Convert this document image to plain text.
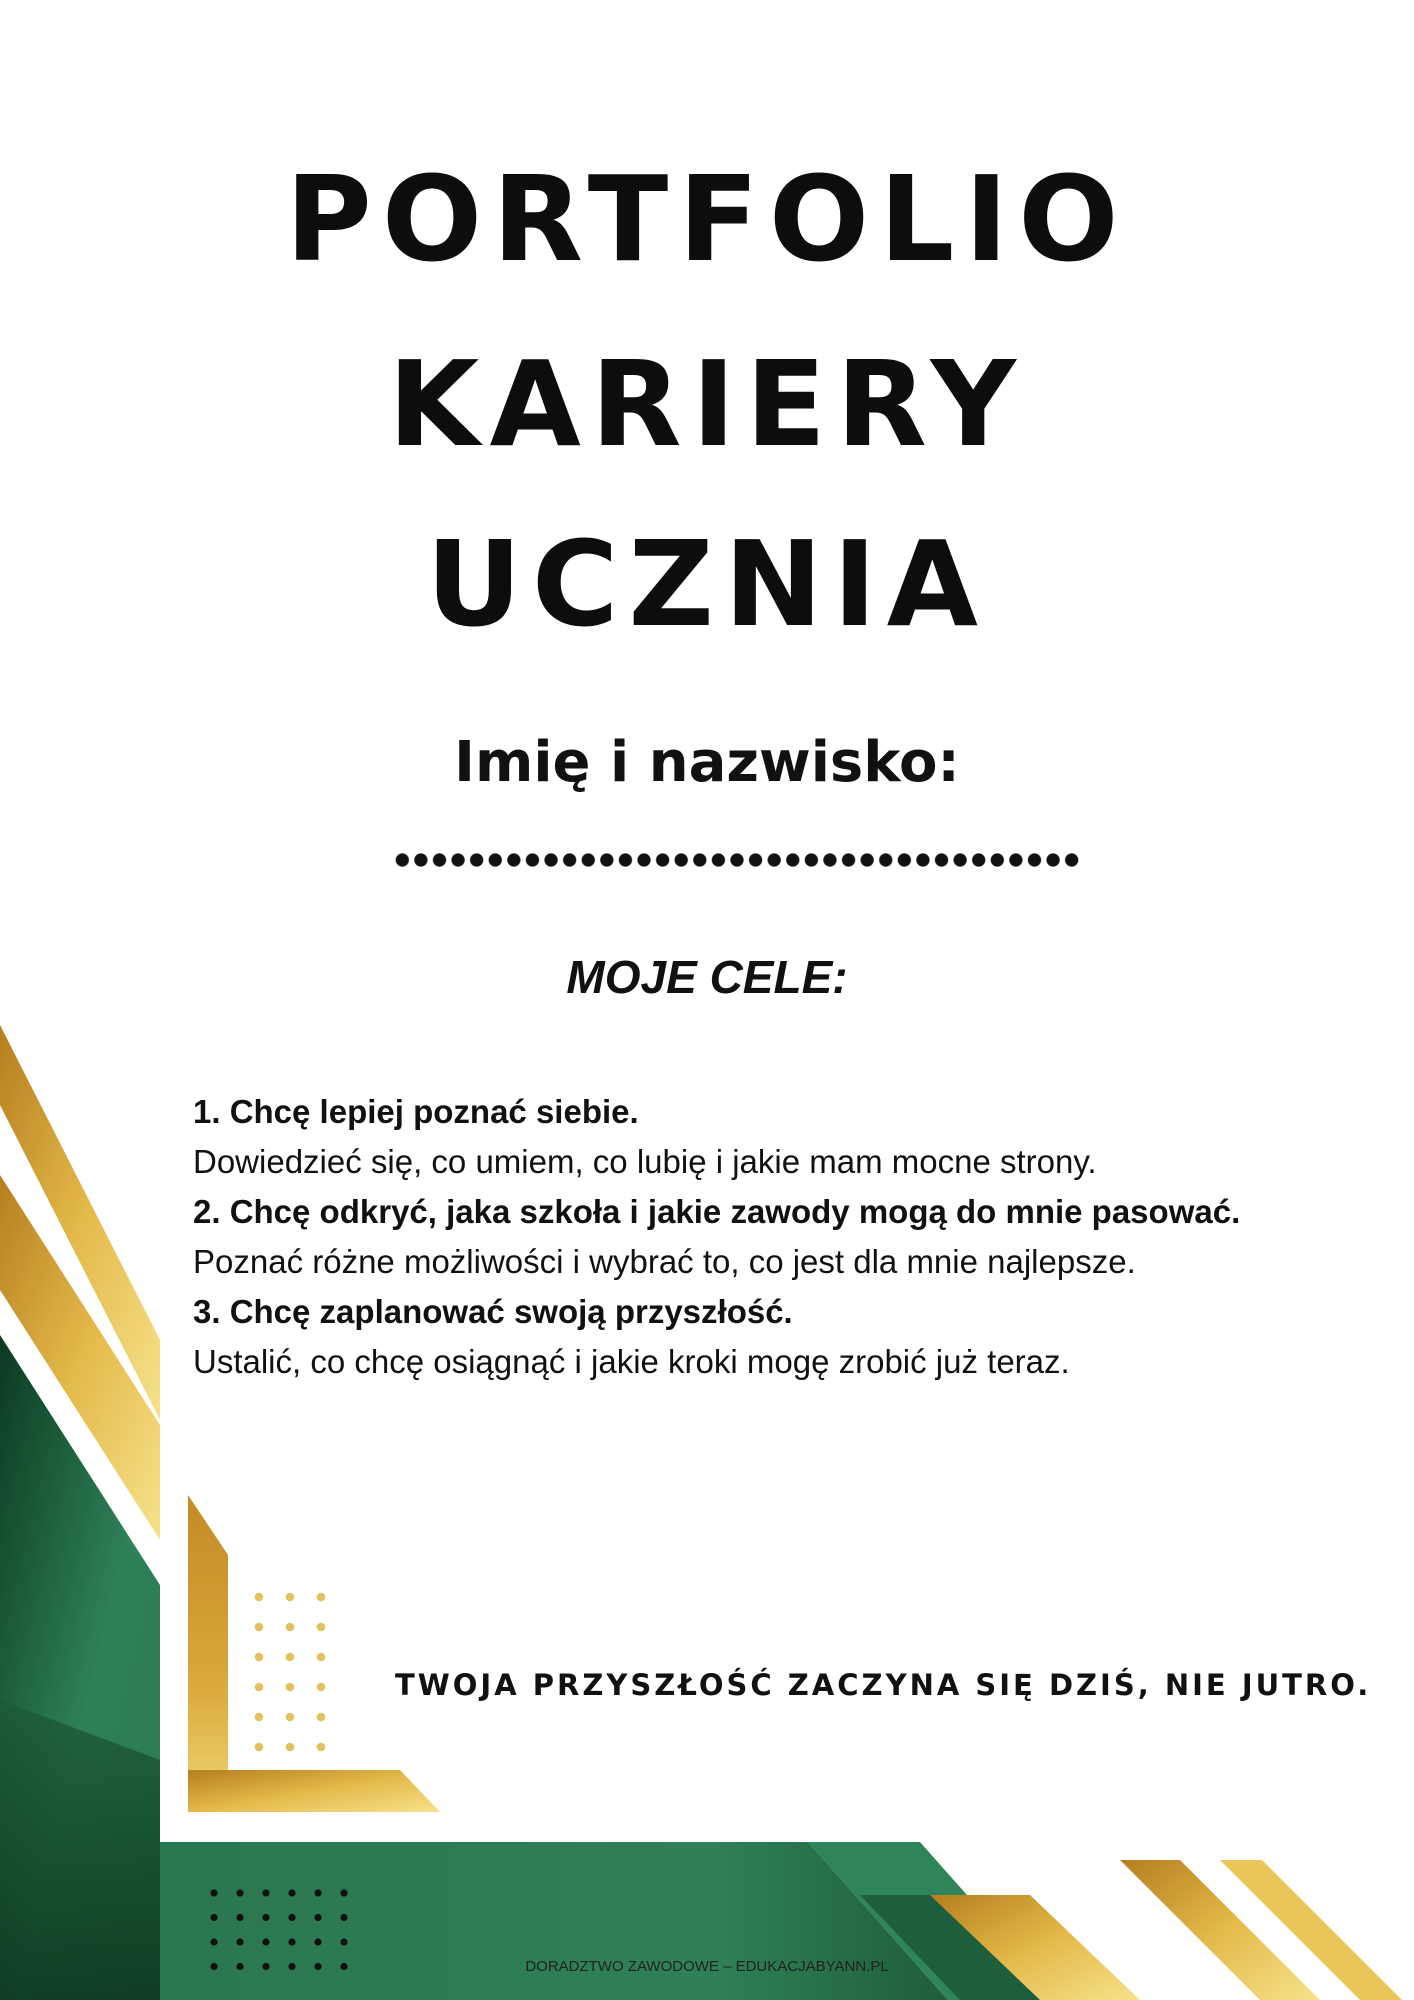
PORTFOLIO
KARIERY
UCZNIA
Imię i nazwisko:
MOJE CELE:
1. Chcę lepiej poznać siebie.
Dowiedzieć się, co umiem, co lubię i jakie mam mocne strony.
2. Chcę odkryć, jaka szkoła i jakie zawody mogą do mnie pasować.
Poznać różne możliwości i wybrać to, co jest dla mnie najlepsze.
3. Chcę zaplanować swoją przyszłość.
Ustalić, co chcę osiągnąć i jakie kroki mogę zrobić już teraz.
TWOJA PRZYSZŁOŚĆ ZACZYNA SIĘ DZIŚ, NIE JUTRO.
DORADZTWO ZAWODOWE – EDUKACJABYANN.PL
